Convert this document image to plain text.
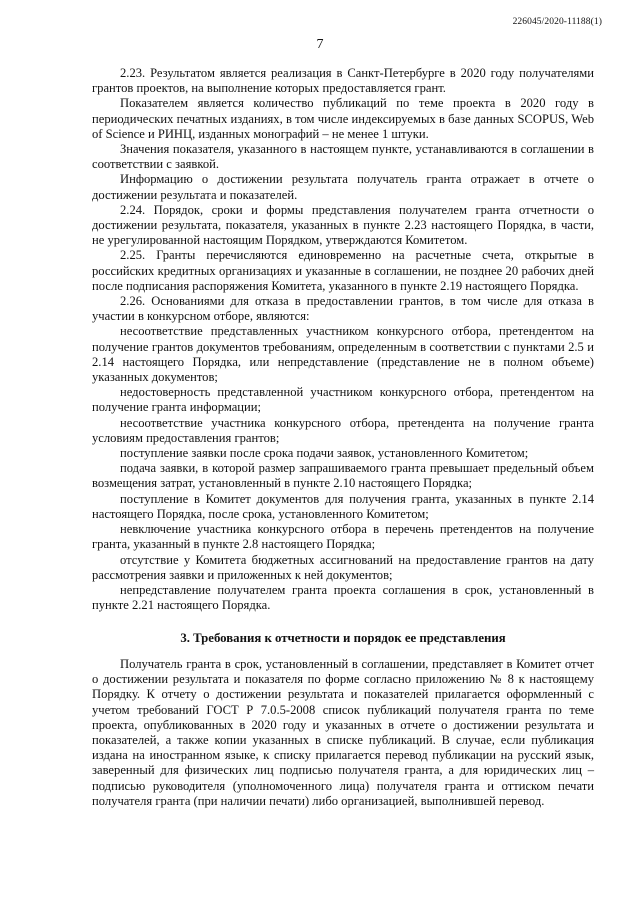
226045/2020-11188(1)
7

2.23. Результатом является реализация в Санкт-Петербурге в 2020 году получателями грантов проектов, на выполнение которых предоставляется грант.

Показателем является количество публикаций по теме проекта в 2020 году в периодических печатных изданиях, в том числе индексируемых в базе данных SCOPUS, Web of Science и РИНЦ, изданных монографий – не менее 1 штуки.

Значения показателя, указанного в настоящем пункте, устанавливаются в соглашении в соответствии с заявкой.

Информацию о достижении результата получатель гранта отражает в отчете о достижении результата и показателей.

2.24. Порядок, сроки и формы представления получателем гранта отчетности о достижении результата, показателя, указанных в пункте 2.23 настоящего Порядка, в части, не урегулированной настоящим Порядком, утверждаются Комитетом.

2.25. Гранты перечисляются единовременно на расчетные счета, открытые в российских кредитных организациях и указанные в соглашении, не позднее 20 рабочих дней после подписания распоряжения Комитета, указанного в пункте 2.19 настоящего Порядка.

2.26. Основаниями для отказа в предоставлении грантов, в том числе для отказа в участии в конкурсном отборе, являются:

несоответствие представленных участником конкурсного отбора, претендентом на получение грантов документов требованиям, определенным в соответствии с пунктами 2.5 и 2.14 настоящего Порядка, или непредставление (представление не в полном объеме) указанных документов;

недостоверность представленной участником конкурсного отбора, претендентом на получение гранта информации;

несоответствие участника конкурсного отбора, претендента на получение гранта условиям предоставления грантов;

поступление заявки после срока подачи заявок, установленного Комитетом;

подача заявки, в которой размер запрашиваемого гранта превышает предельный объем возмещения затрат, установленный в пункте 2.10 настоящего Порядка;

поступление в Комитет документов для получения гранта, указанных в пункте 2.14 настоящего Порядка, после срока, установленного Комитетом;

невключение участника конкурсного отбора в перечень претендентов на получение гранта, указанный в пункте 2.8 настоящего Порядка;

отсутствие у Комитета бюджетных ассигнований на предоставление грантов на дату рассмотрения заявки и приложенных к ней документов;

непредставление получателем гранта проекта соглашения в срок, установленный в пункте 2.21 настоящего Порядка.

3. Требования к отчетности и порядок ее представления

Получатель гранта в срок, установленный в соглашении, представляет в Комитет отчет о достижении результата и показателя по форме согласно приложению № 8 к настоящему Порядку. К отчету о достижении результата и показателей прилагается оформленный с учетом требований ГОСТ Р 7.0.5-2008 список публикаций получателя гранта по теме проекта, опубликованных в 2020 году и указанных в отчете о достижении результата и показателей, а также копии указанных в списке публикаций. В случае, если публикация издана на иностранном языке, к списку прилагается перевод публикации на русский язык, заверенный для физических лиц подписью получателя гранта, а для юридических лиц – подписью руководителя (уполномоченного лица) получателя гранта и оттиском печати получателя гранта (при наличии печати) либо организацией, выполнившей перевод.
